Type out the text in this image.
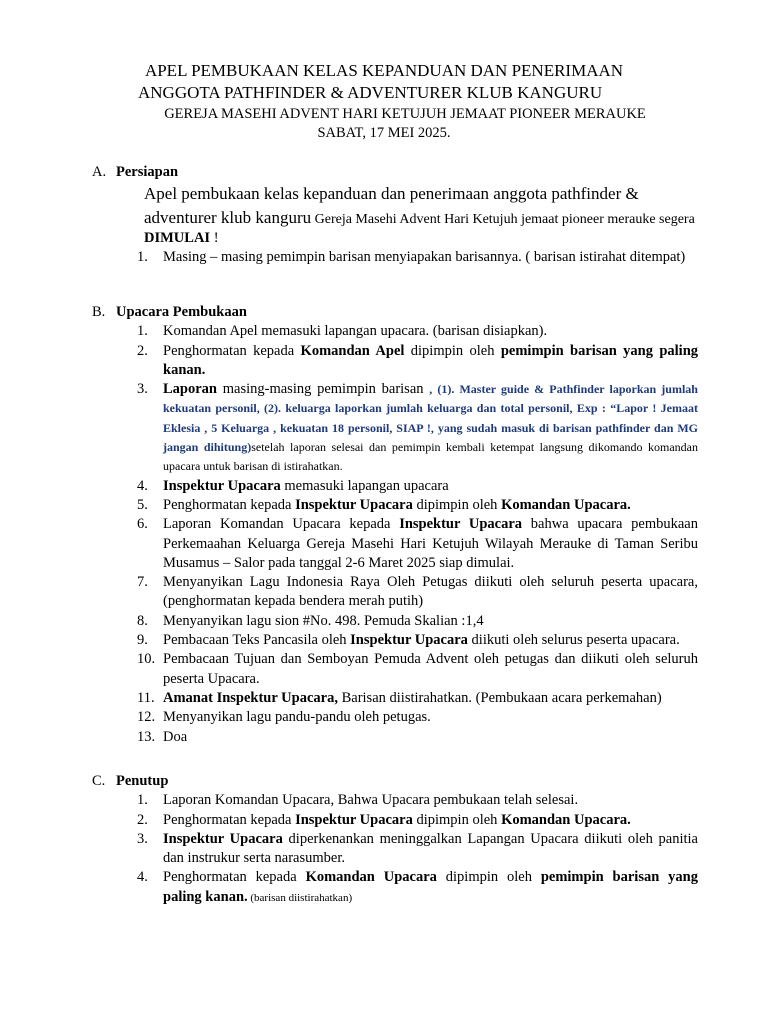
APEL PEMBUKAAN KELAS KEPANDUAN DAN PENERIMAAN
ANGGOTA PATHFINDER & ADVENTURER KLUB KANGURU
GEREJA MASEHI ADVENT HARI KETUJUH JEMAAT PIONEER MERAUKE
SABAT, 17 MEI 2025.
A. Persiapan
Apel pembukaan kelas kepanduan dan penerimaan anggota pathfinder & adventurer klub kanguru Gereja Masehi Advent Hari Ketujuh jemaat pioneer merauke segera DIMULAI !
1.	Masing – masing pemimpin barisan menyiapakan barisannya. ( barisan istirahat ditempat)
B. Upacara Pembukaan
1.	Komandan Apel memasuki lapangan upacara. (barisan disiapkan).
2.	Penghormatan kepada Komandan Apel dipimpin oleh pemimpin barisan yang paling kanan.
3.	Laporan masing-masing pemimpin barisan , (1). Master guide & Pathfinder laporkan jumlah kekuatan personil, (2). keluarga laporkan jumlah keluarga dan total personil, Exp : “Lapor ! Jemaat Eklesia , 5 Keluarga , kekuatan 18 personil, SIAP !, yang sudah masuk di barisan pathfinder dan MG jangan dihitung)setelah laporan selesai dan pemimpin kembali ketempat langsung dikomando komandan upacara untuk barisan di istirahatkan.
4.	Inspektur Upacara memasuki lapangan upacara
5.	Penghormatan kepada Inspektur Upacara dipimpin oleh Komandan Upacara.
6.	Laporan Komandan Upacara kepada Inspektur Upacara bahwa upacara pembukaan Perkemaahan Keluarga Gereja Masehi Hari Ketujuh Wilayah Merauke di Taman Seribu Musamus – Salor pada tanggal 2-6 Maret 2025 siap dimulai.
7.	Menyanyikan Lagu Indonesia Raya Oleh Petugas diikuti oleh seluruh peserta upacara, (penghormatan kepada bendera merah putih)
8.	Menyanyikan lagu sion #No. 498. Pemuda Skalian :1,4
9.	Pembacaan Teks Pancasila oleh Inspektur Upacara diikuti oleh selurus peserta upacara.
10. Pembacaan Tujuan dan Semboyan Pemuda Advent oleh petugas dan diikuti oleh seluruh peserta Upacara.
11. Amanat Inspektur Upacara, Barisan diistirahatkan. (Pembukaan acara perkemahan)
12. Menyanyikan lagu pandu-pandu oleh petugas.
13. Doa
C. Penutup
1.	Laporan Komandan Upacara, Bahwa Upacara pembukaan telah selesai.
2.	Penghormatan kepada Inspektur Upacara dipimpin oleh Komandan Upacara.
3.	Inspektur Upacara diperkenankan meninggalkan Lapangan Upacara diikuti oleh panitia dan instrukur serta narasumber.
4.	Penghormatan kepada Komandan Upacara dipimpin oleh pemimpin barisan yang paling kanan. (barisan diistirahatkan)
